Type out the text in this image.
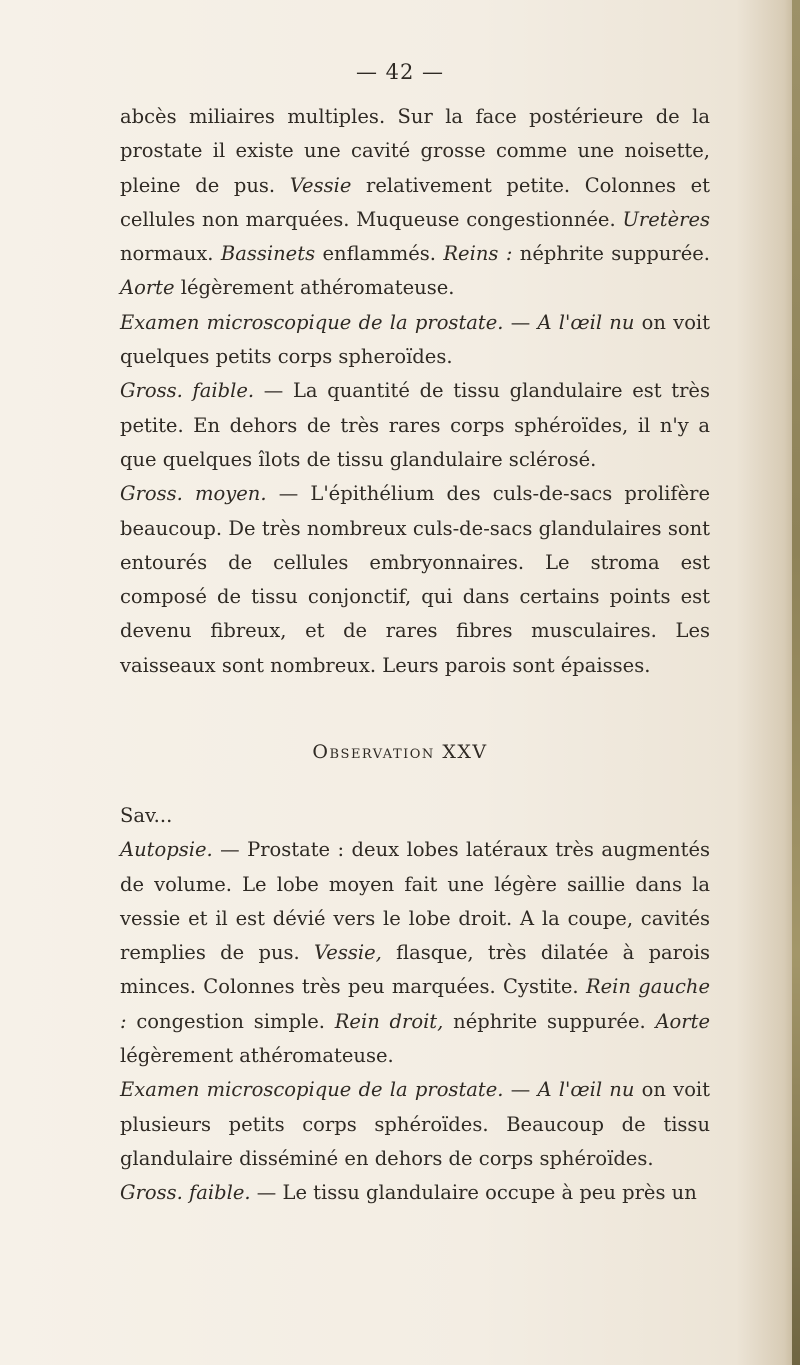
— 42 —

abcès miliaires multiples. Sur la face postérieure de la prostate il existe une cavité grosse comme une noisette, pleine de pus. Vessie relativement petite. Colonnes et cellules non marquées. Muqueuse congestionnée. Uretères normaux. Bassinets enflammés. Reins : néphrite suppurée. Aorte légèrement athéromateuse.

Examen microscopique de la prostate. — A l'œil nu on voit quelques petits corps spheroïdes.

Gross. faible. — La quantité de tissu glandulaire est très petite. En dehors de très rares corps sphéroïdes, il n'y a que quelques îlots de tissu glandulaire sclérosé.

Gross. moyen. — L'épithélium des culs-de-sacs prolifère beaucoup. De très nombreux culs-de-sacs glandulaires sont entourés de cellules embryonnaires. Le stroma est composé de tissu conjonctif, qui dans certains points est devenu fibreux, et de rares fibres musculaires. Les vaisseaux sont nombreux. Leurs parois sont épaisses.

Observation XXV

Sav...

Autopsie. — Prostate : deux lobes latéraux très augmentés de volume. Le lobe moyen fait une légère saillie dans la vessie et il est dévié vers le lobe droit. A la coupe, cavités remplies de pus. Vessie, flasque, très dilatée à parois minces. Colonnes très peu marquées. Cystite. Rein gauche : congestion simple. Rein droit, néphrite suppurée. Aorte légèrement athéromateuse.

Examen microscopique de la prostate. — A l'œil nu on voit plusieurs petits corps sphéroïdes. Beaucoup de tissu glandulaire disséminé en dehors de corps sphéroïdes.

Gross. faible. — Le tissu glandulaire occupe à peu près un
